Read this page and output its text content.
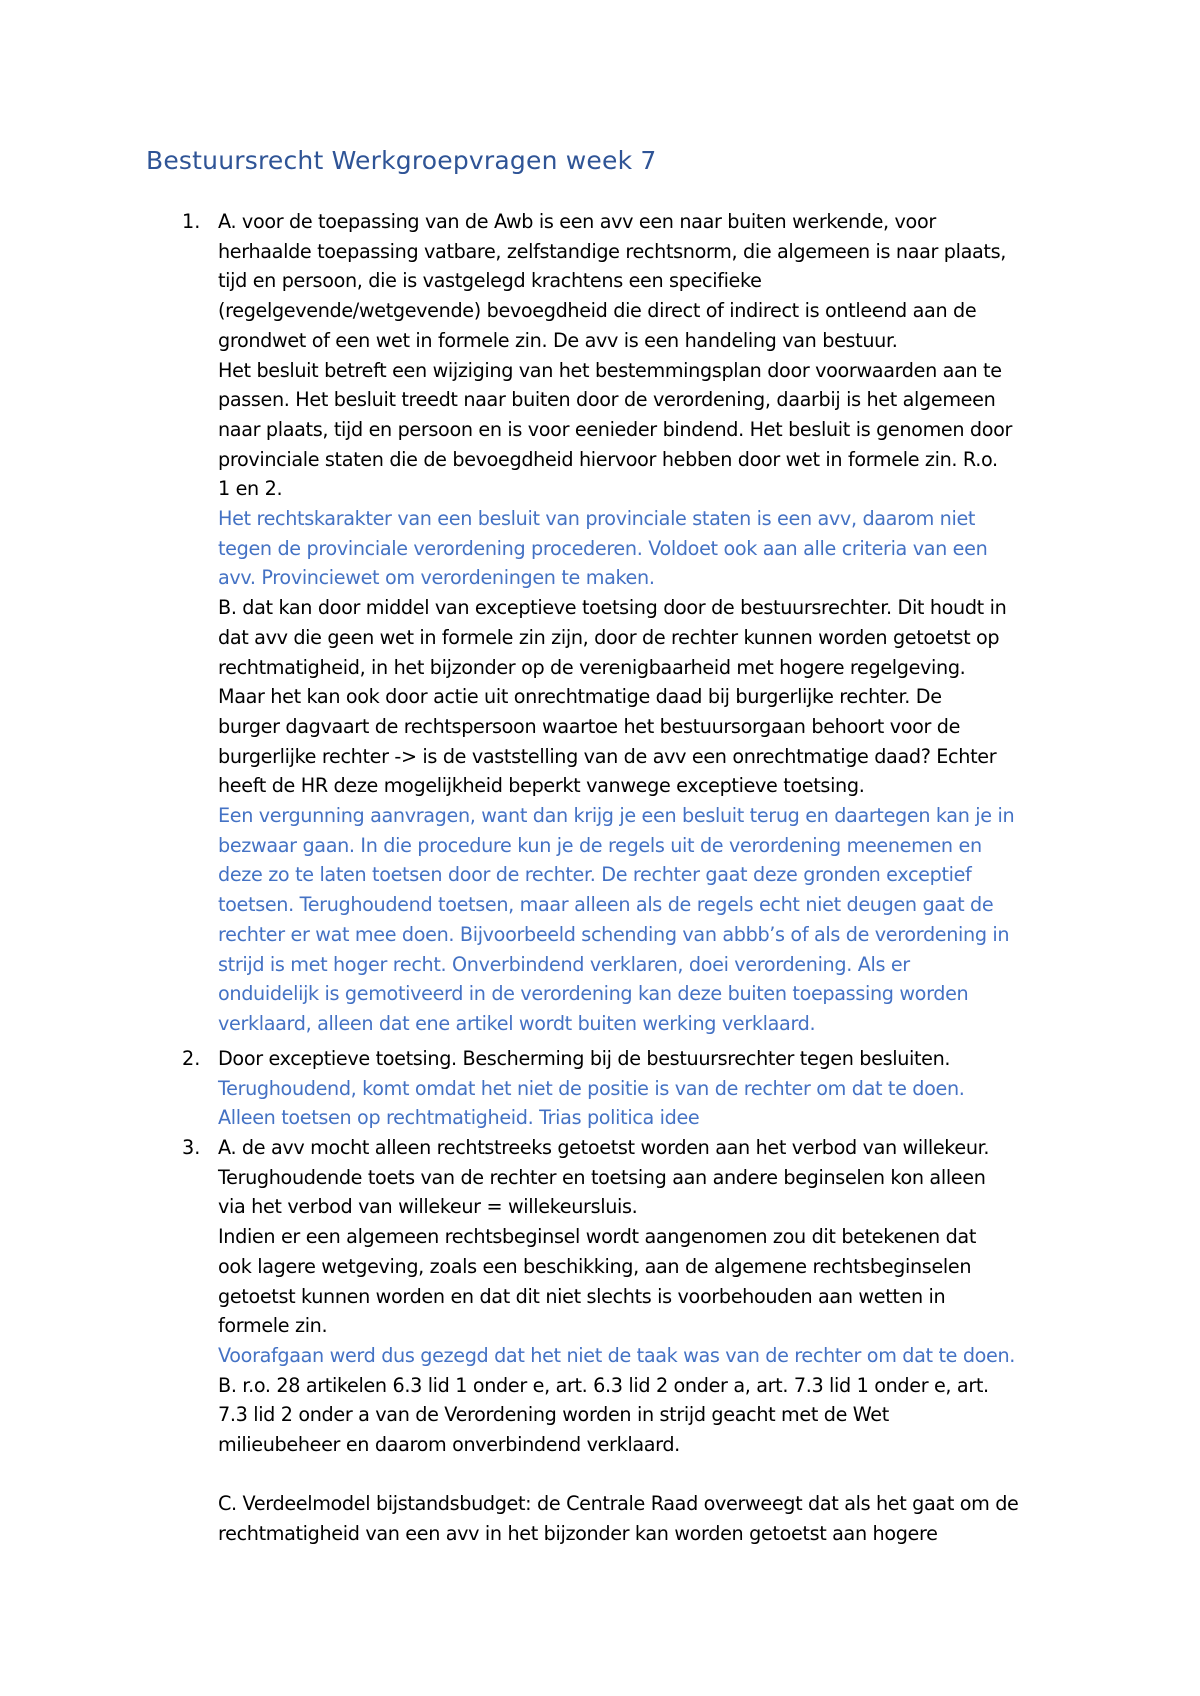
Bestuursrecht Werkgroepvragen week 7
1. A. voor de toepassing van de Awb is een avv een naar buiten werkende, voor
herhaalde toepassing vatbare, zelfstandige rechtsnorm, die algemeen is naar plaats,
tijd en persoon, die is vastgelegd krachtens een specifieke
(regelgevende/wetgevende) bevoegdheid die direct of indirect is ontleend aan de
grondwet of een wet in formele zin. De avv is een handeling van bestuur.
Het besluit betreft een wijziging van het bestemmingsplan door voorwaarden aan te
passen. Het besluit treedt naar buiten door de verordening, daarbij is het algemeen
naar plaats, tijd en persoon en is voor eenieder bindend. Het besluit is genomen door
provinciale staten die de bevoegdheid hiervoor hebben door wet in formele zin. R.o.
1 en 2.
Het rechtskarakter van een besluit van provinciale staten is een avv, daarom niet
tegen de provinciale verordening procederen. Voldoet ook aan alle criteria van een
avv. Provinciewet om verordeningen te maken.
B. dat kan door middel van exceptieve toetsing door de bestuursrechter. Dit houdt in
dat avv die geen wet in formele zin zijn, door de rechter kunnen worden getoetst op
rechtmatigheid, in het bijzonder op de verenigbaarheid met hogere regelgeving.
Maar het kan ook door actie uit onrechtmatige daad bij burgerlijke rechter. De
burger dagvaart de rechtspersoon waartoe het bestuursorgaan behoort voor de
burgerlijke rechter -> is de vaststelling van de avv een onrechtmatige daad? Echter
heeft de HR deze mogelijkheid beperkt vanwege exceptieve toetsing.
Een vergunning aanvragen, want dan krijg je een besluit terug en daartegen kan je in
bezwaar gaan. In die procedure kun je de regels uit de verordening meenemen en
deze zo te laten toetsen door de rechter. De rechter gaat deze gronden exceptief
toetsen. Terughoudend toetsen, maar alleen als de regels echt niet deugen gaat de
rechter er wat mee doen. Bijvoorbeeld schending van abbb’s of als de verordening in
strijd is met hoger recht. Onverbindend verklaren, doei verordening. Als er
onduidelijk is gemotiveerd in de verordening kan deze buiten toepassing worden
verklaard, alleen dat ene artikel wordt buiten werking verklaard.
2. Door exceptieve toetsing. Bescherming bij de bestuursrechter tegen besluiten.
Terughoudend, komt omdat het niet de positie is van de rechter om dat te doen.
Alleen toetsen op rechtmatigheid. Trias politica idee
3. A. de avv mocht alleen rechtstreeks getoetst worden aan het verbod van willekeur.
Terughoudende toets van de rechter en toetsing aan andere beginselen kon alleen
via het verbod van willekeur = willekeursluis.
Indien er een algemeen rechtsbeginsel wordt aangenomen zou dit betekenen dat
ook lagere wetgeving, zoals een beschikking, aan de algemene rechtsbeginselen
getoetst kunnen worden en dat dit niet slechts is voorbehouden aan wetten in
formele zin.
Voorafgaan werd dus gezegd dat het niet de taak was van de rechter om dat te doen.
B. r.o. 28 artikelen 6.3 lid 1 onder e, art. 6.3 lid 2 onder a, art. 7.3 lid 1 onder e, art.
7.3 lid 2 onder a van de Verordening worden in strijd geacht met de Wet
milieubeheer en daarom onverbindend verklaard.
C. Verdeelmodel bijstandsbudget: de Centrale Raad overweegt dat als het gaat om de
rechtmatigheid van een avv in het bijzonder kan worden getoetst aan hogere
